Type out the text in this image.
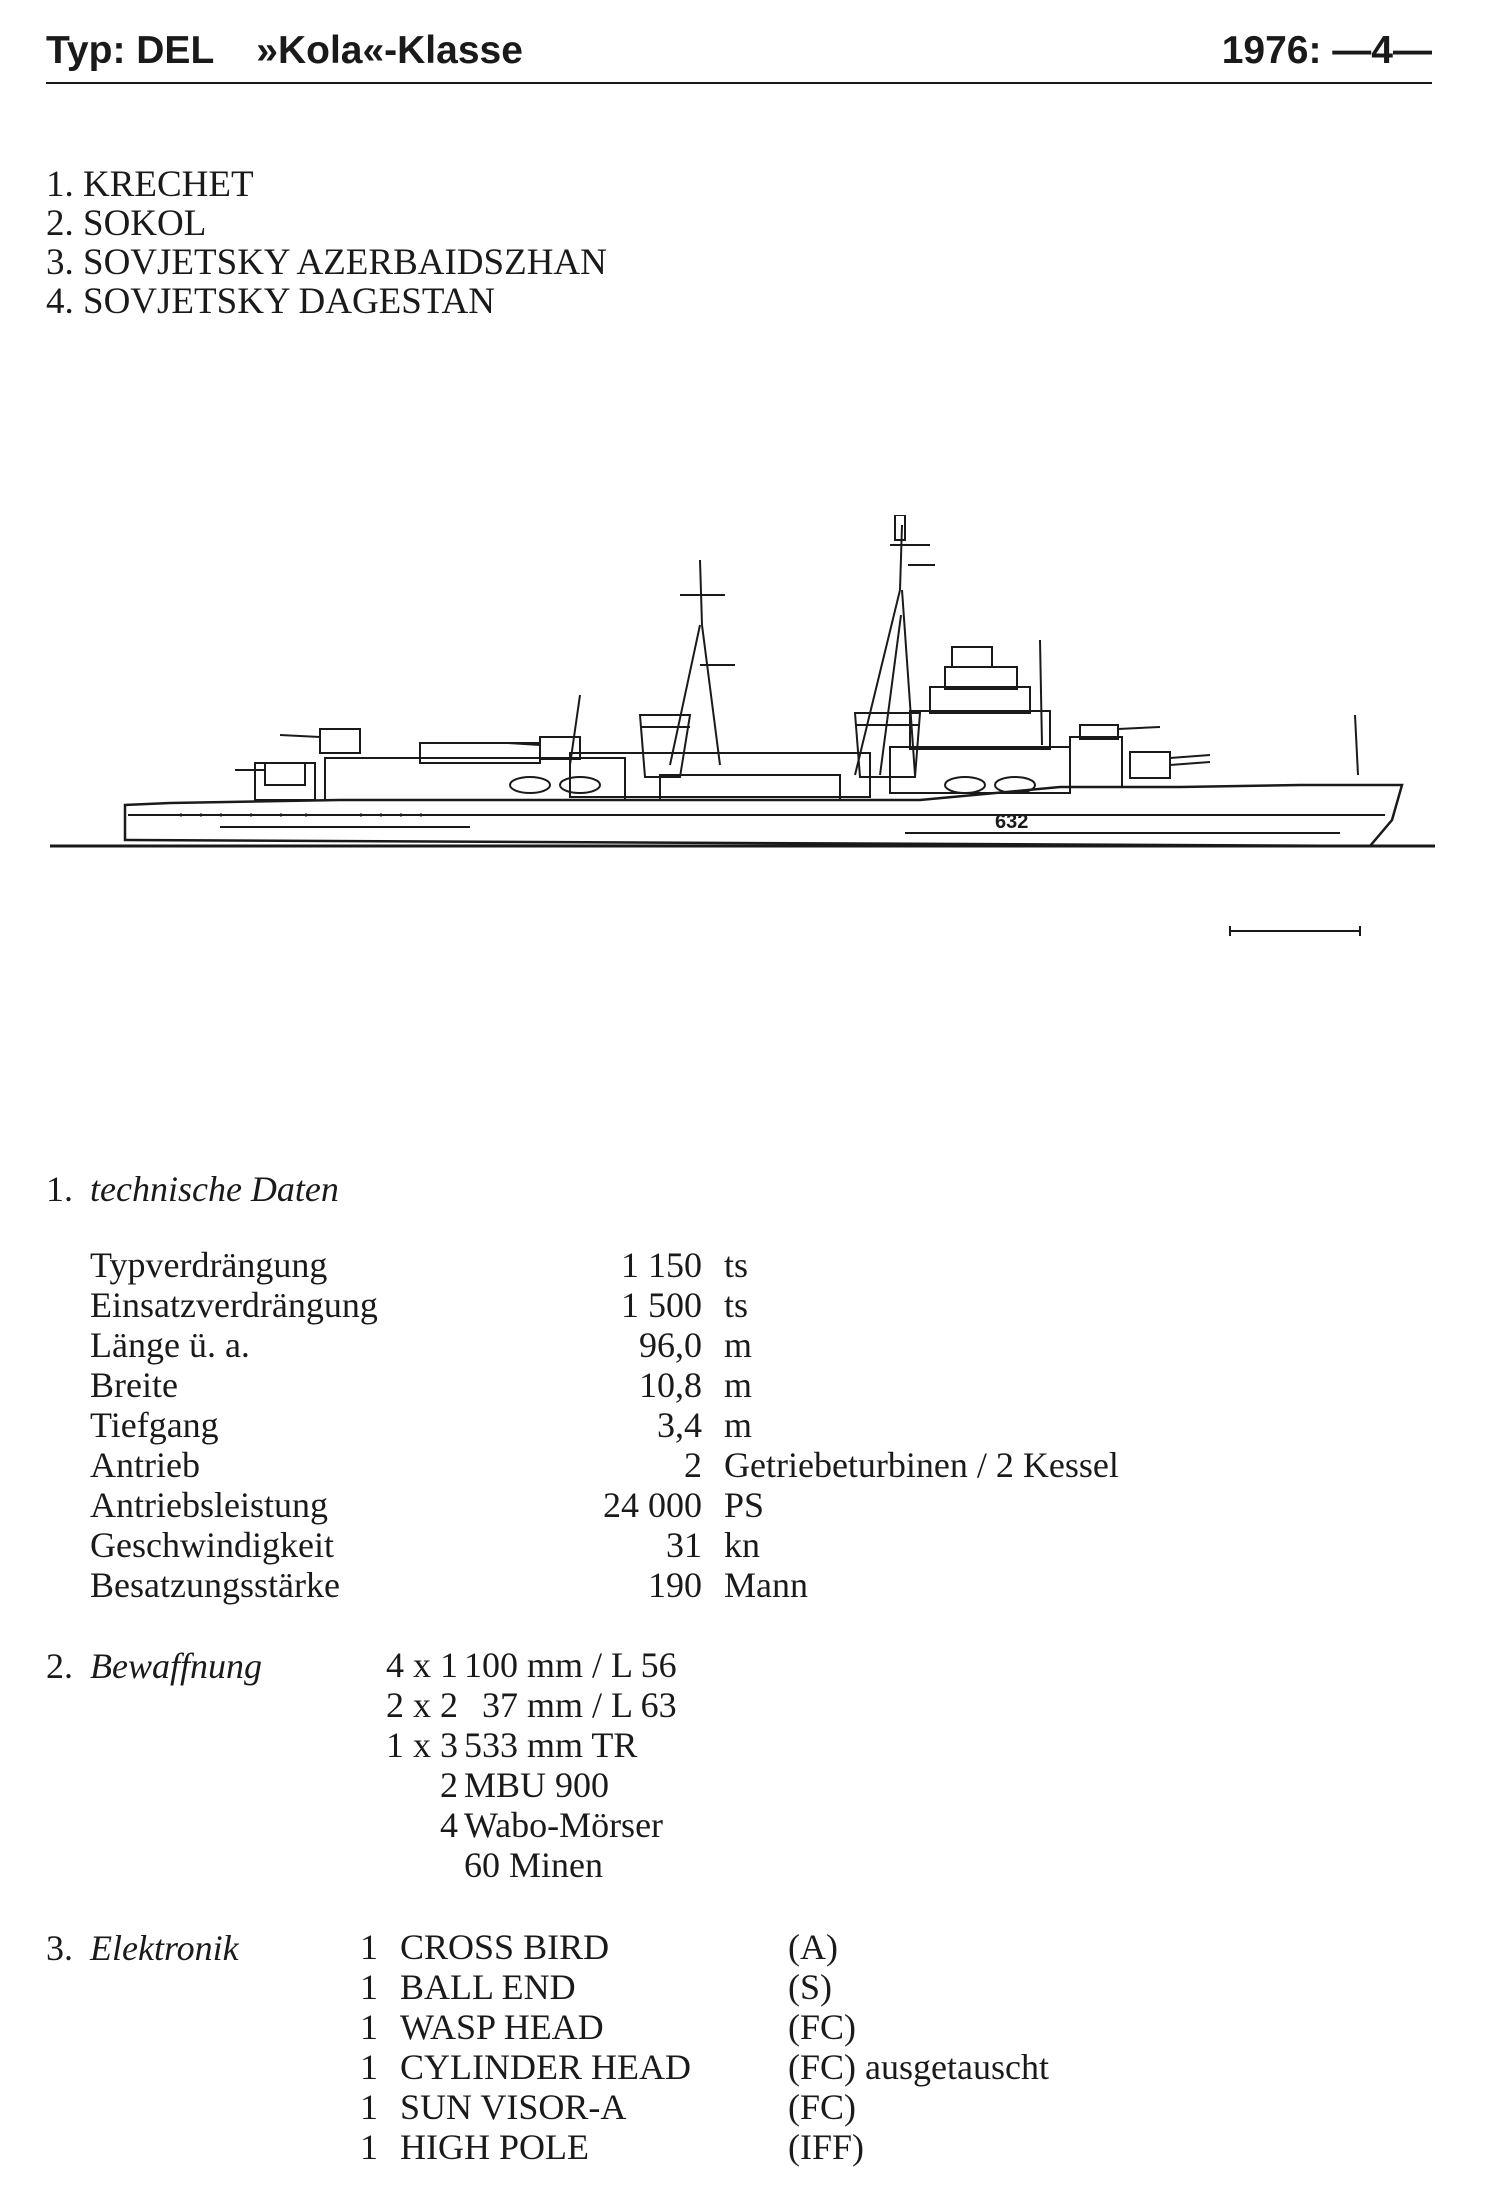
Typ: DEL »Kola«-Klasse	1976: —4—
1. KRECHET
2. SOKOL
3. SOVJETSKY AZERBAIDSZHAN
4. SOVJETSKY DAGESTAN
632
1. technische Daten
Typverdrängung	1 150 ts
Einsatzverdrängung	1 500 ts
Länge ü. a.	96,0 m
Breite	10,8 m
Tiefgang	3,4 m
Antrieb	2 Getriebeturbinen / 2 Kessel
Antriebsleistung	24 000 PS
Geschwindigkeit	31 kn
Besatzungsstärke	190 Mann
2. Bewaffnung	4 x 1 100 mm / L 56
2 x 2 37 mm / L 63
1 x 3 533 mm TR
2 MBU 900
4 Wabo-Mörser
60 Minen
3. Elektronik	1 CROSS BIRD	(A)
1 BALL END	(S)
1 WASP HEAD	(FC)
1 CYLINDER HEAD	(FC) ausgetauscht
1 SUN VISOR-A	(FC)
1 HIGH POLE	(IFF)
